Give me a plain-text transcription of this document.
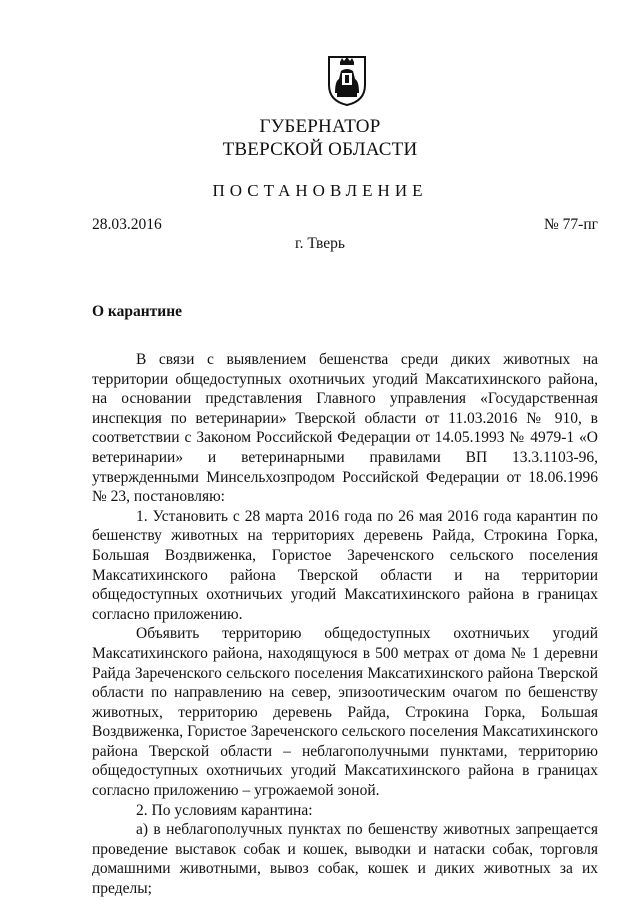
ГУБЕРНАТОР
ТВЕРСКОЙ ОБЛАСТИ
ПОСТАНОВЛЕНИЕ
28.03.2016	№ 77-пг
г. Тверь
О карантине

В связи с выявлением бешенства среди диких животных на территории общедоступных охотничьих угодий Максатихинского района, на основании представления Главного управления «Государственная инспекция по ветеринарии» Тверской области от 11.03.2016 № 910, в соответствии с Законом Российской Федерации от 14.05.1993 № 4979-1 «О ветеринарии» и ветеринарными правилами ВП 13.3.1103-96, утвержденными Минсельхозпродом Российской Федерации от 18.06.1996 № 23, постановляю:

1. Установить с 28 марта 2016 года по 26 мая 2016 года карантин по бешенству животных на территориях деревень Райда, Строкина Горка, Большая Воздвиженка, Гористое Зареченского сельского поселения Максатихинского района Тверской области и на территории общедоступных охотничьих угодий Максатихинского района в границах согласно приложению.

Объявить территорию общедоступных охотничьих угодий Максатихинского района, находящуюся в 500 метрах от дома № 1 деревни Райда Зареченского сельского поселения Максатихинского района Тверской области по направлению на север, эпизоотическим очагом по бешенству животных, территорию деревень Райда, Строкина Горка, Большая Воздвиженка, Гористое Зареченского сельского поселения Максатихинского района Тверской области – неблагополучными пунктами, территорию общедоступных охотничьих угодий Максатихинского района в границах согласно приложению – угрожаемой зоной.

2. По условиям карантина:

а) в неблагополучных пунктах по бешенству животных запрещается проведение выставок собак и кошек, выводки и натаски собак, торговля домашними животными, вывоз собак, кошек и диких животных за их пределы;
